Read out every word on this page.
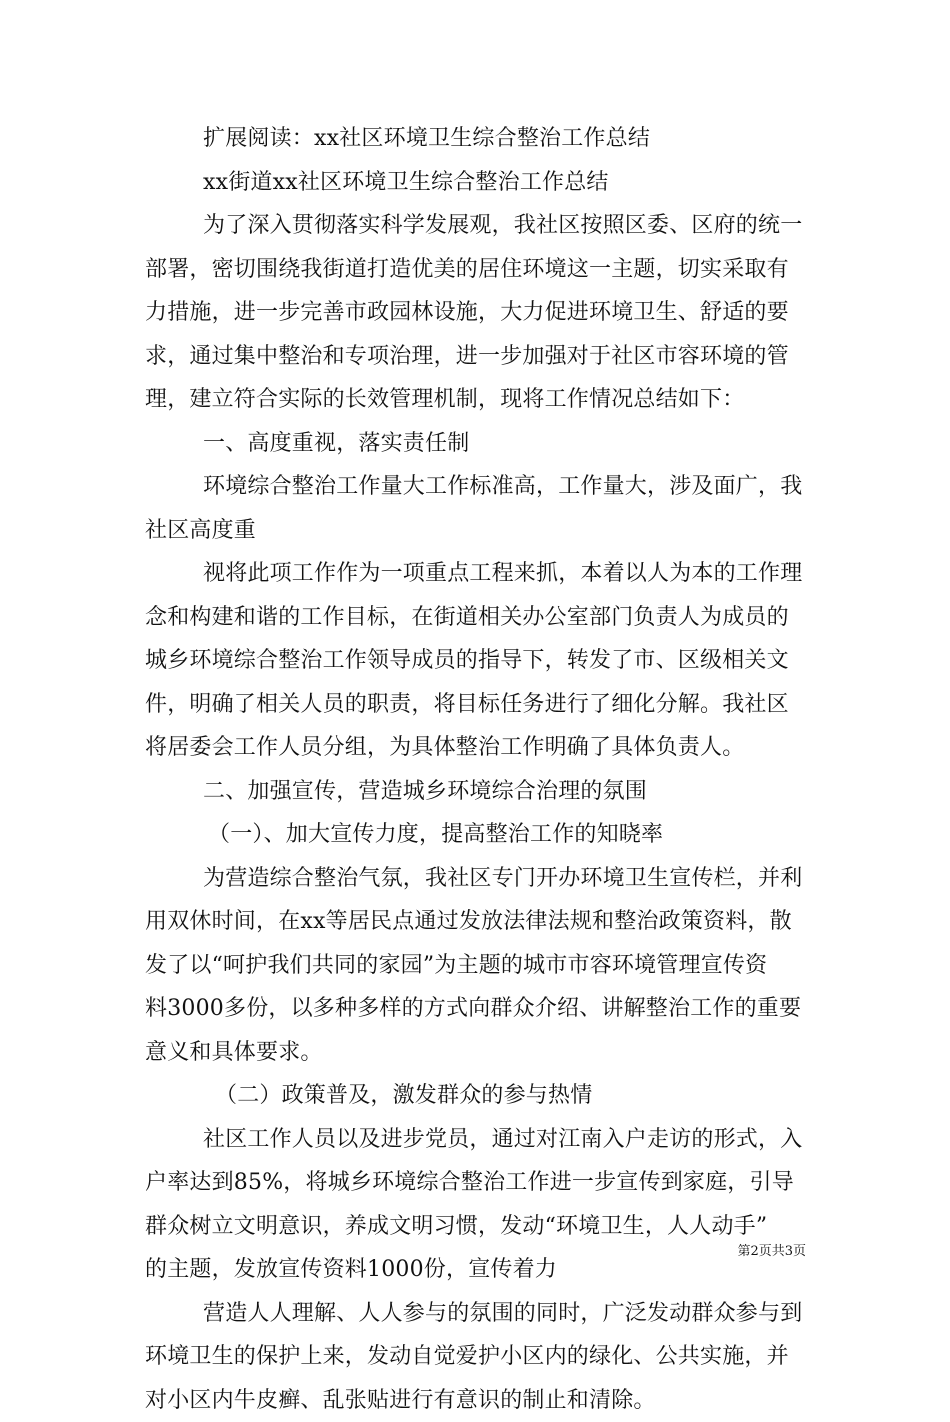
扩展阅读：xx社区环境卫生综合整治工作总结
xx街道xx社区环境卫生综合整治工作总结
为了深入贯彻落实科学发展观，我社区按照区委、区府的统一
部署，密切围绕我街道打造优美的居住环境这一主题，切实采取有
力措施，进一步完善市政园林设施，大力促进环境卫生、舒适的要
求，通过集中整治和专项治理，进一步加强对于社区市容环境的管
理，建立符合实际的长效管理机制，现将工作情况总结如下：
一、高度重视，落实责任制
环境综合整治工作量大工作标准高，工作量大，涉及面广，我
社区高度重
视将此项工作作为一项重点工程来抓，本着以人为本的工作理
念和构建和谐的工作目标，在街道相关办公室部门负责人为成员的
城乡环境综合整治工作领导成员的指导下，转发了市、区级相关文
件，明确了相关人员的职责，将目标任务进行了细化分解。我社区
将居委会工作人员分组，为具体整治工作明确了具体负责人。
二、加强宣传，营造城乡环境综合治理的氛围
（一）、加大宣传力度，提高整治工作的知晓率
为营造综合整治气氛，我社区专门开办环境卫生宣传栏，并利
用双休时间，在xx等居民点通过发放法律法规和整治政策资料，散
发了以“呵护我们共同的家园”为主题的城市市容环境管理宣传资
料3000多份，以多种多样的方式向群众介绍、讲解整治工作的重要
意义和具体要求。
（二）政策普及，激发群众的参与热情
社区工作人员以及进步党员，通过对江南入户走访的形式，入
户率达到85%，将城乡环境综合整治工作进一步宣传到家庭，引导
群众树立文明意识，养成文明习惯，发动“环境卫生，人人动手”
的主题，发放宣传资料1000份，宣传着力
营造人人理解、人人参与的氛围的同时，广泛发动群众参与到
环境卫生的保护上来，发动自觉爱护小区内的绿化、公共实施，并
对小区内牛皮癣、乱张贴进行有意识的制止和清除。
第2页共3页
